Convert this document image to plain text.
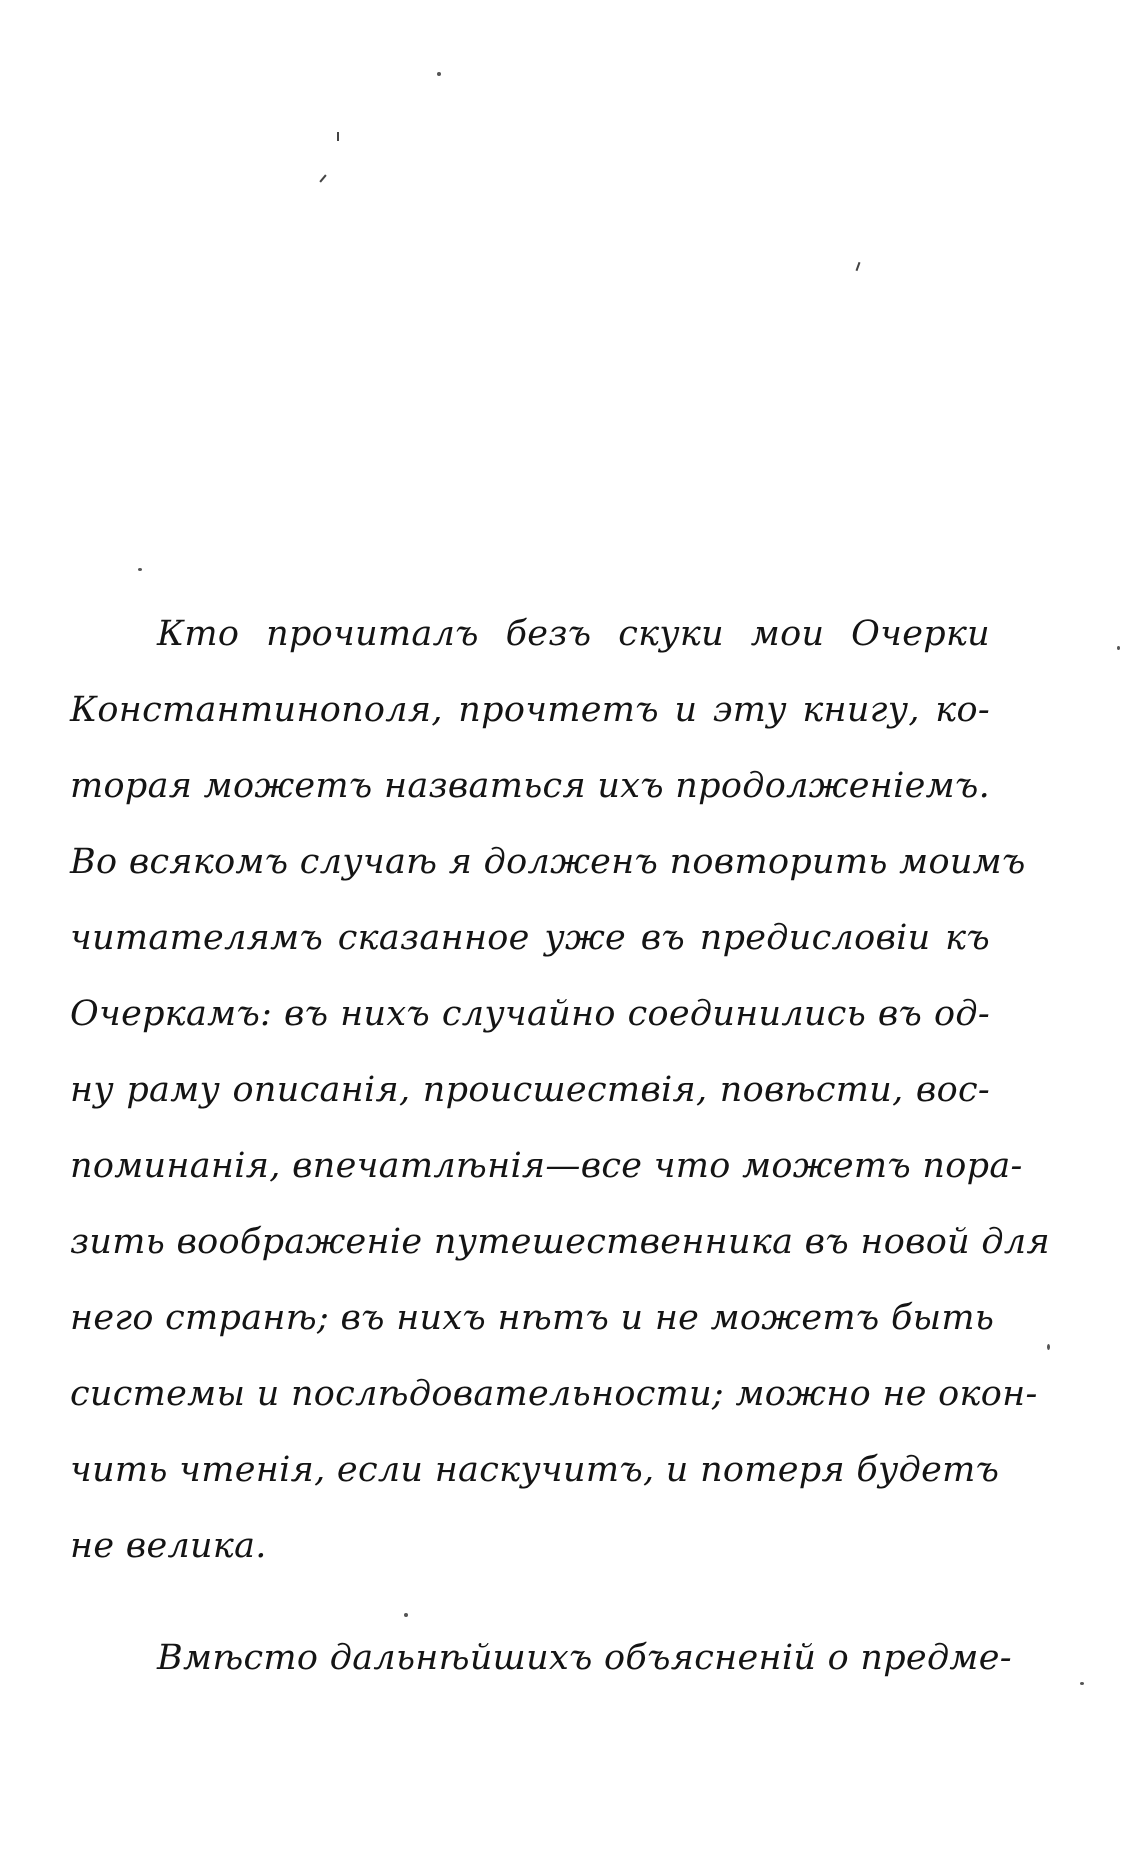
Кто прочиталъ безъ скуки мои Очерки
Константинополя, прочтетъ и эту книгу, ко-
торая можетъ назваться ихъ продолженіемъ.
Во всякомъ случаѣ я долженъ повторить моимъ
читателямъ сказанное уже въ предисловіи къ
Очеркамъ: въ нихъ случайно соединились въ од-
ну раму описанія, происшествія, повѣсти, вос-
поминанія, впечатлѣнія—все что можетъ пора-
зить воображеніе путешественника въ новой для
него странѣ; въ нихъ нѣтъ и не можетъ быть
системы и послѣдовательности; можно не окон-
чить чтенія, если наскучитъ, и потеря будетъ
не велика.
Вмѣсто дальнѣйшихъ объясненій о предме-
